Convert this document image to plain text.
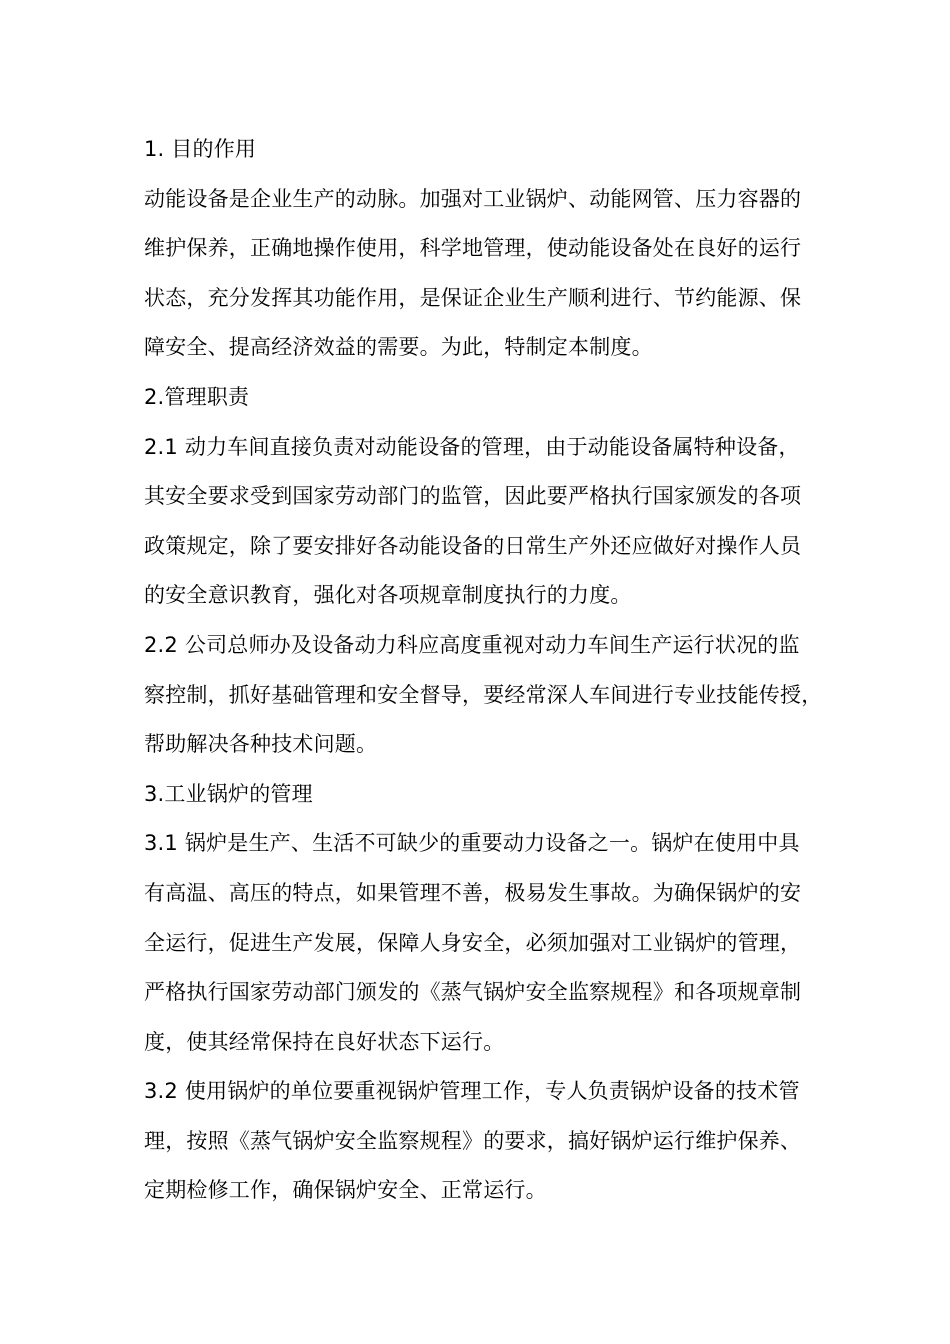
1. 目的作用
动能设备是企业生产的动脉。加强对工业锅炉、动能网管、压力容器的
维护保养，正确地操作使用，科学地管理，使动能设备处在良好的运行
状态，充分发挥其功能作用，是保证企业生产顺利进行、节约能源、保
障安全、提高经济效益的需要。为此，特制定本制度。
2.管理职责
2.1 动力车间直接负责对动能设备的管理，由于动能设备属特种设备，
其安全要求受到国家劳动部门的监管，因此要严格执行国家颁发的各项
政策规定，除了要安排好各动能设备的日常生产外还应做好对操作人员
的安全意识教育，强化对各项规章制度执行的力度。
2.2 公司总师办及设备动力科应高度重视对动力车间生产运行状况的监
察控制，抓好基础管理和安全督导，要经常深人车间进行专业技能传授，
帮助解决各种技术问题。
3.工业锅炉的管理
3.1 锅炉是生产、生活不可缺少的重要动力设备之一。锅炉在使用中具
有高温、高压的特点，如果管理不善，极易发生事故。为确保锅炉的安
全运行，促进生产发展，保障人身安全，必须加强对工业锅炉的管理，
严格执行国家劳动部门颁发的《蒸气锅炉安全监察规程》和各项规章制
度，使其经常保持在良好状态下运行。
3.2 使用锅炉的单位要重视锅炉管理工作，专人负责锅炉设备的技术管
理，按照《蒸气锅炉安全监察规程》的要求，搞好锅炉运行维护保养、
定期检修工作，确保锅炉安全、正常运行。
